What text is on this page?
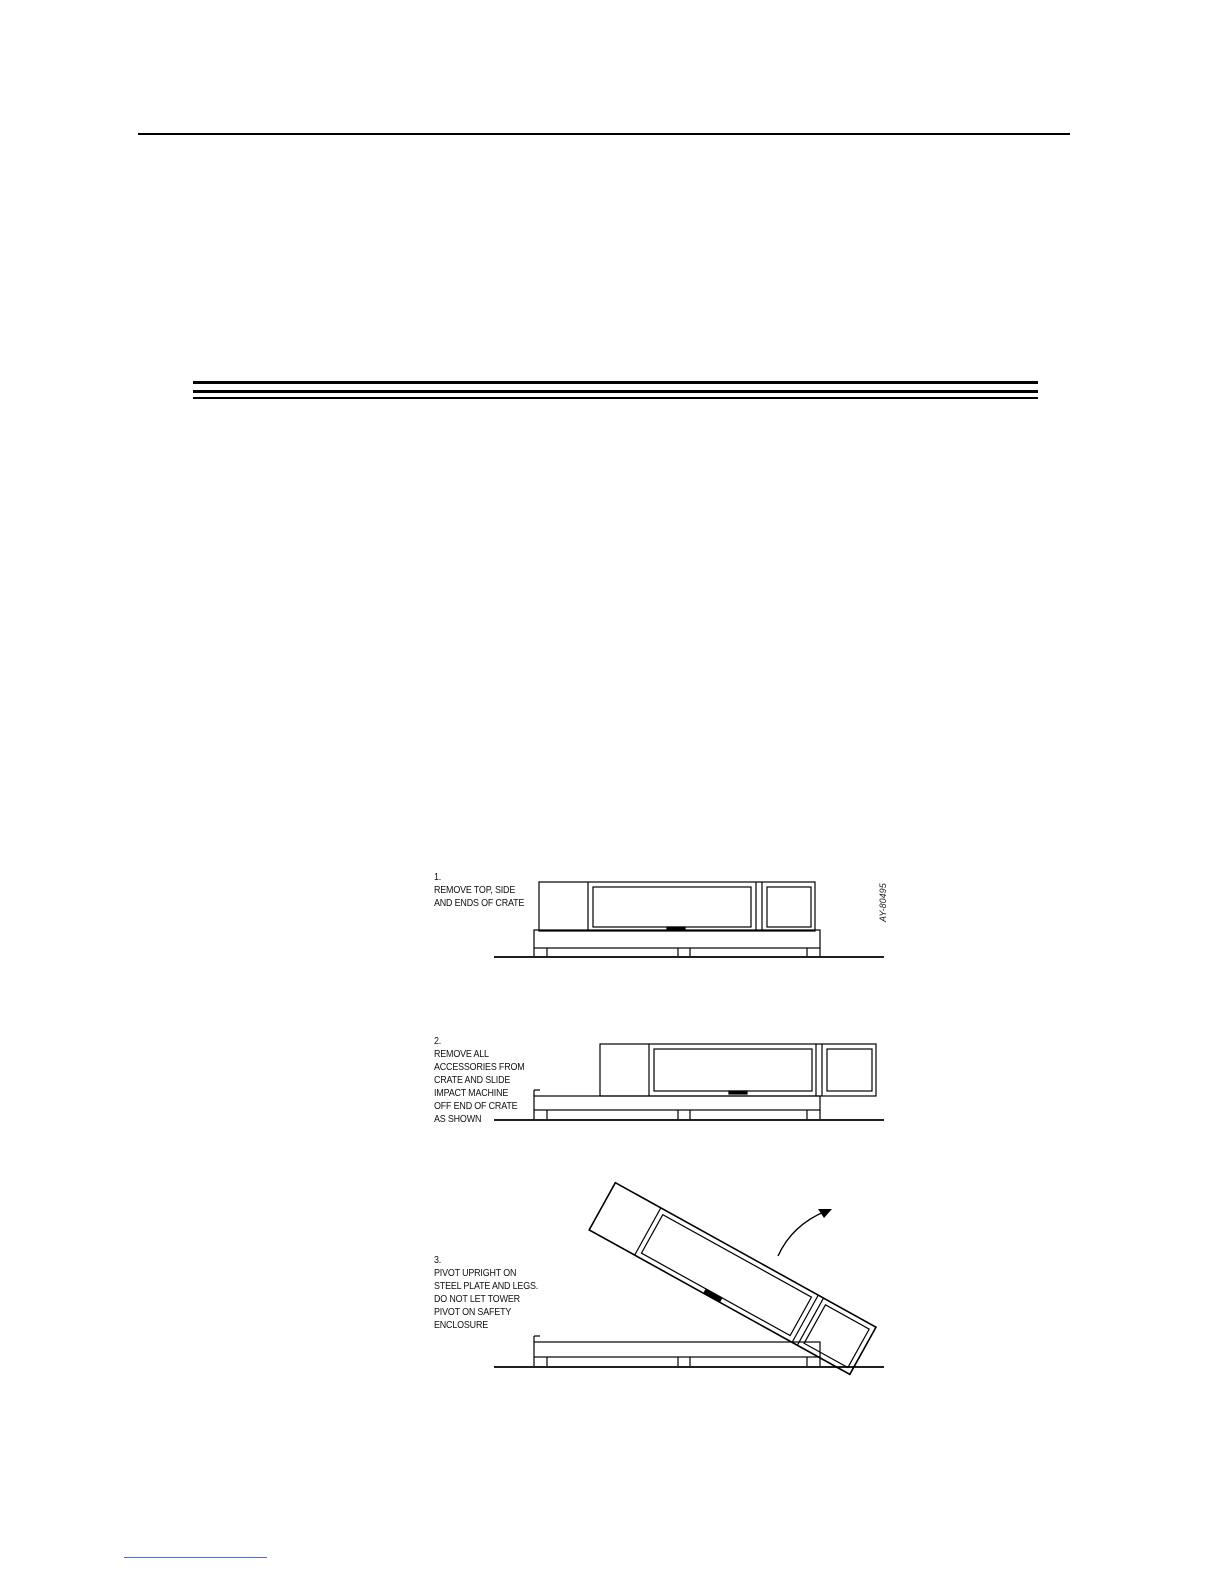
1.

REMOVE TOP, SIDE
AND ENDS OF CRATE

2.

REMOVE ALL
ACCESSORIES FROM
CRATE AND SLIDE
IMPACT MACHINE
OFF END OF CRATE
AS SHOWN

3.

PIVOT UPRIGHT ON
STEEL PLATE AND LEGS.
DO NOT LET TOWER
PIVOT ON SAFETY
ENCLOSURE

AY-80495
